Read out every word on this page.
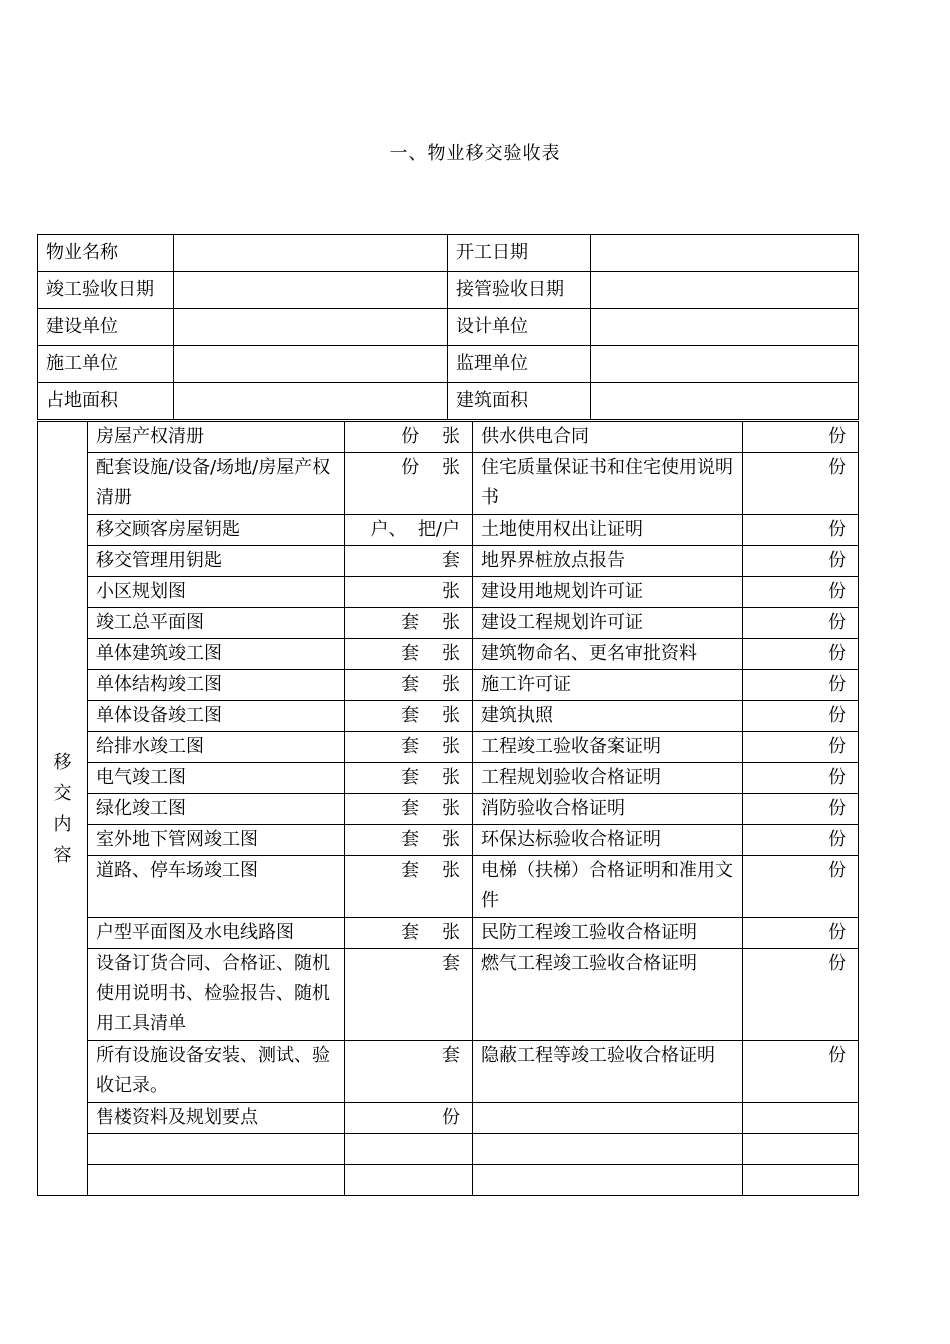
一、物业移交验收表
物业名称		开工日期	
竣工验收日期		接管验收日期	
建设单位		设计单位	
施工单位		监理单位	
占地面积		建筑面积	
移
交
内
容	房屋产权清册	份    张	供水供电合同	份
	配套设施/设备/场地/房屋产权清册	份    张	住宅质量保证书和住宅使用说明书	份
	移交顾客房屋钥匙	户、  把/户	土地使用权出让证明	份
	移交管理用钥匙	套	地界界桩放点报告	份
	小区规划图	张	建设用地规划许可证	份
	竣工总平面图	套    张	建设工程规划许可证	份
	单体建筑竣工图	套    张	建筑物命名、更名审批资料	份
	单体结构竣工图	套    张	施工许可证	份
	单体设备竣工图	套    张	建筑执照	份
	给排水竣工图	套    张	工程竣工验收备案证明	份
	电气竣工图	套    张	工程规划验收合格证明	份
	绿化竣工图	套    张	消防验收合格证明	份
	室外地下管网竣工图	套    张	环保达标验收合格证明	份
	道路、停车场竣工图	套    张	电梯（扶梯）合格证明和准用文件	份
	户型平面图及水电线路图	套    张	民防工程竣工验收合格证明	份
	设备订货合同、合格证、随机使用说明书、检验报告、随机用工具清单	套	燃气工程竣工验收合格证明	份
	所有设施设备安装、测试、验收记录。	套	隐蔽工程等竣工验收合格证明	份
	售楼资料及规划要点	份		
